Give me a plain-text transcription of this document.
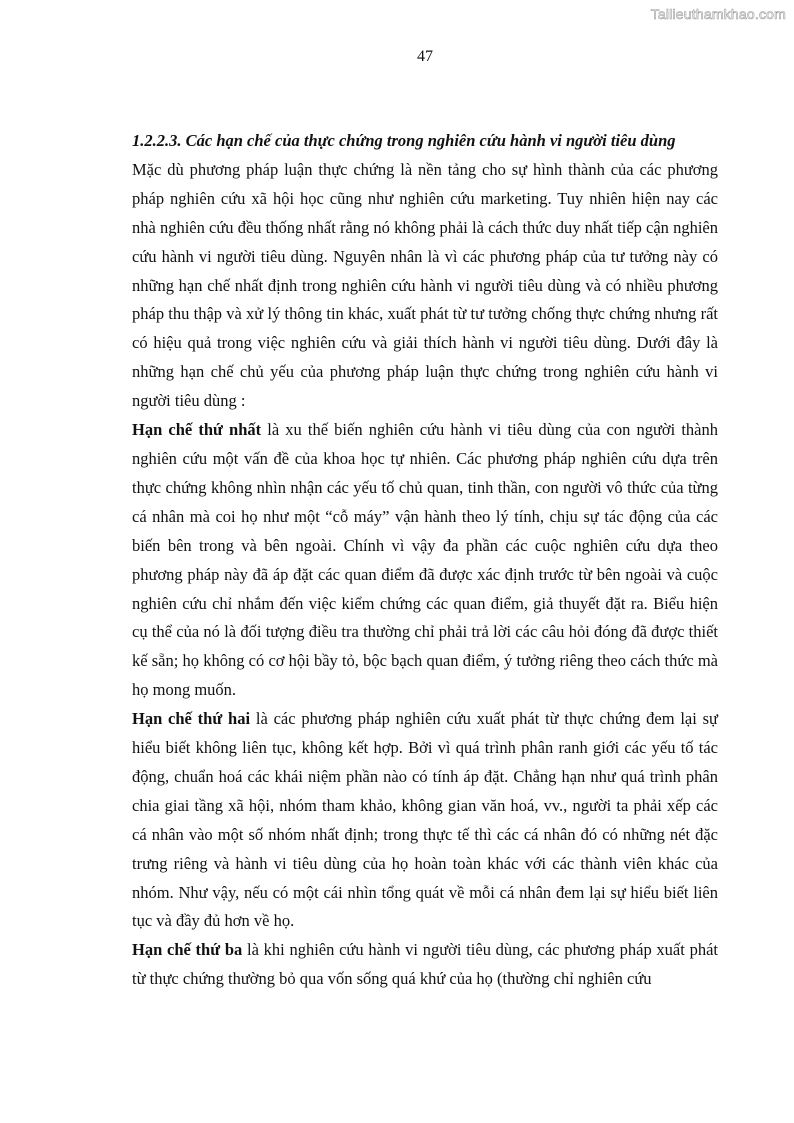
Tailieuthamkhao.com
47

1.2.2.3. Các hạn chế của thực chứng trong nghiên cứu hành vi người tiêu dùng

Mặc dù phương pháp luận thực chứng là nền tảng cho sự hình thành của các phương pháp nghiên cứu xã hội học cũng như nghiên cứu marketing. Tuy nhiên hiện nay các nhà nghiên cứu đều thống nhất rằng nó không phải là cách thức duy nhất tiếp cận nghiên cứu hành vi người tiêu dùng. Nguyên nhân là vì các phương pháp của tư tưởng này có những hạn chế nhất định trong nghiên cứu hành vi người tiêu dùng và có nhiều phương pháp thu thập và xử lý thông tin khác, xuất phát từ tư tưởng chống thực chứng nhưng rất có hiệu quả trong việc nghiên cứu và giải thích hành vi người tiêu dùng. Dưới đây là những hạn chế chủ yếu của phương pháp luận thực chứng trong nghiên cứu hành vi người tiêu dùng :

Hạn chế thứ nhất là xu thế biến nghiên cứu hành vi tiêu dùng của con người thành nghiên cứu một vấn đề của khoa học tự nhiên. Các phương pháp nghiên cứu dựa trên thực chứng không nhìn nhận các yếu tố chủ quan, tinh thần, con người vô thức của từng cá nhân mà coi họ như một “cỗ máy” vận hành theo lý tính, chịu sự tác động của các biến bên trong và bên ngoài. Chính vì vậy đa phần các cuộc nghiên cứu dựa theo phương pháp này đã áp đặt các quan điểm đã được xác định trước từ bên ngoài và cuộc nghiên cứu chỉ nhắm đến việc kiểm chứng các quan điểm, giả thuyết đặt ra. Biểu hiện cụ thể của nó là đối tượng điều tra thường chỉ phải trả lời các câu hỏi đóng đã được thiết kế sẵn; họ không có cơ hội bầy tỏ, bộc bạch quan điểm, ý tưởng riêng theo cách thức mà họ mong muốn.

Hạn chế thứ hai là các phương pháp nghiên cứu xuất phát từ thực chứng đem lại sự hiểu biết không liên tục, không kết hợp. Bởi vì quá trình phân ranh giới các yếu tố tác động, chuẩn hoá các khái niệm phần nào có tính áp đặt. Chẳng hạn như quá trình phân chia giai tầng xã hội, nhóm tham khảo, không gian văn hoá, vv., người ta phải xếp các cá nhân vào một số nhóm nhất định; trong thực tế thì các cá nhân đó có những nét đặc trưng riêng và hành vi tiêu dùng của họ hoàn toàn khác với các thành viên khác của nhóm. Như vậy, nếu có một cái nhìn tổng quát về mỗi cá nhân đem lại sự hiểu biết liên tục và đầy đủ hơn về họ.

Hạn chế thứ ba là khi nghiên cứu hành vi người tiêu dùng, các phương pháp xuất phát từ thực chứng thường bỏ qua vốn sống quá khứ của họ (thường chỉ nghiên cứu
